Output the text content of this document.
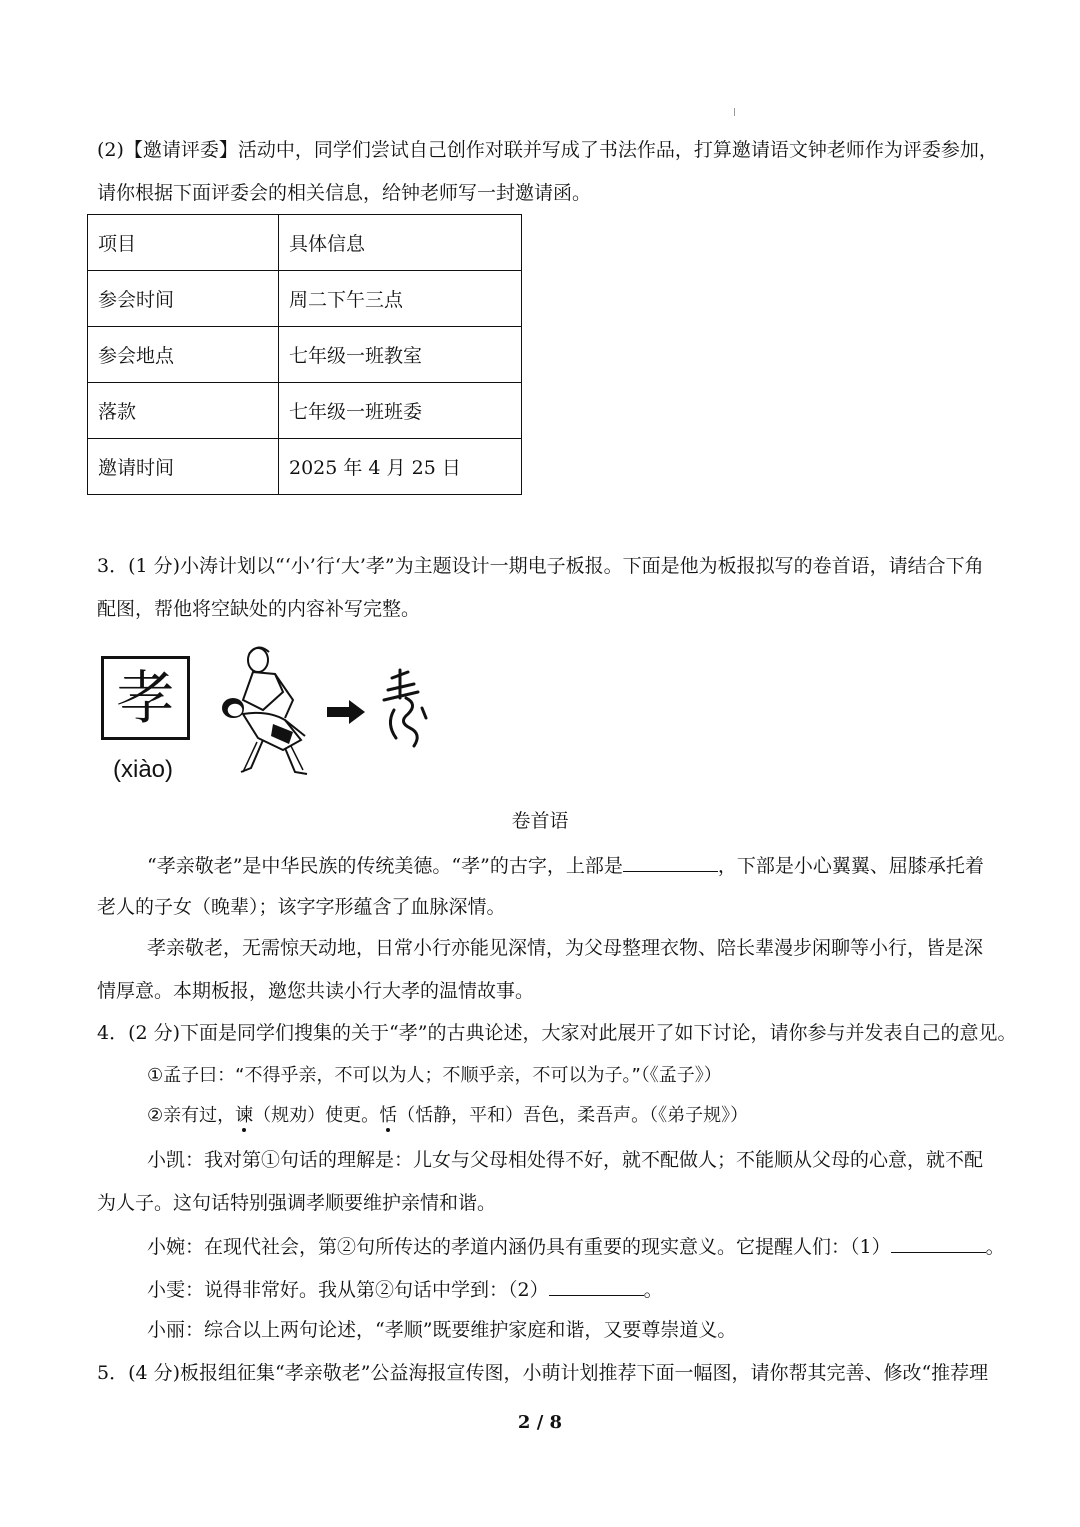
(2)【邀请评委】活动中，同学们尝试自己创作对联并写成了书法作品，打算邀请语文钟老师作为评委参加，
请你根据下面评委会的相关信息，给钟老师写一封邀请函。
项目	具体信息
参会时间	周二下午三点
参会地点	七年级一班教室
落款	七年级一班班委
邀请时间	2025 年 4 月 25 日
3．(1 分)小涛计划以“‘小’行‘大’孝”为主题设计一期电子板报。下面是他为板报拟写的卷首语，请结合下角
配图，帮他将空缺处的内容补写完整。
孝
(xiào)
卷首语
“孝亲敬老”是中华民族的传统美德。“孝”的古字，上部是	，下部是小心翼翼、屈膝承托着
老人的子女（晚辈）；该字字形蕴含了血脉深情。
孝亲敬老，无需惊天动地，日常小行亦能见深情，为父母整理衣物、陪长辈漫步闲聊等小行，皆是深
情厚意。本期板报，邀您共读小行大孝的温情故事。
4．(2 分)下面是同学们搜集的关于“孝”的古典论述，大家对此展开了如下讨论，请你参与并发表自己的意见。
①孟子曰：“不得乎亲，不可以为人；不顺乎亲，不可以为子。”（《孟子》）
②亲有过，谏（规劝）使更。恬（恬静，平和）吾色，柔吾声。（《弟子规》）
小凯：我对第①句话的理解是：儿女与父母相处得不好，就不配做人；不能顺从父母的心意，就不配
为人子。这句话特别强调孝顺要维护亲情和谐。
小婉：在现代社会，第②句所传达的孝道内涵仍具有重要的现实意义。它提醒人们：（1）	。
小雯：说得非常好。我从第②句话中学到：（2）	。
小丽：综合以上两句论述，“孝顺”既要维护家庭和谐，又要尊崇道义。
5．(4 分)板报组征集“孝亲敬老”公益海报宣传图，小萌计划推荐下面一幅图，请你帮其完善、修改“推荐理
2 / 8
